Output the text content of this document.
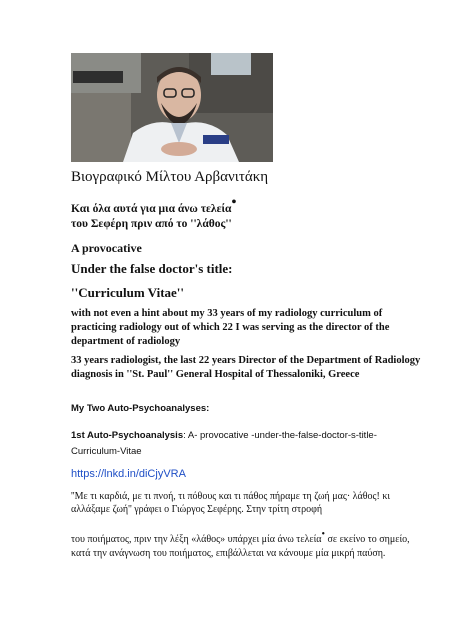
Βιογραφικό Μίλτου Αρβανιτάκη
Και όλα αυτά για μια άνω τελεία•
του Σεφέρη πριν από το ''λάθος''
A provocative
Under the false doctor's title:
''Curriculum Vitae''
with not even a hint about my 33 years of my radiology curriculum of practicing radiology out of which 22 I was serving as the director of the department of radiology
33 years radiologist, the last 22 years Director of the Department of Radiology diagnosis in ''St. Paul'' General Hospital of Thessaloniki, Greece
My Two Auto-Psychoanalyses:
1st Auto-Psychoanalysis: A- provocative -under-the-false-doctor-s-title-Curriculum-Vitae
https://lnkd.in/diCjyVRA
''Με τι καρδιά, με τι πνοή, τι πόθους και τι πάθος πήραμε τη ζωή μας· λάθος! κι αλλάξαμε ζωή'' γράφει ο Γιώργος Σεφέρης. Στην τρίτη στροφή
του ποιήματος, πριν την λέξη «λάθος» υπάρχει μία άνω τελεία• σε εκείνο το σημείο, κατά την ανάγνωση του ποιήματος, επιβάλλεται να κάνουμε μία μικρή παύση.
